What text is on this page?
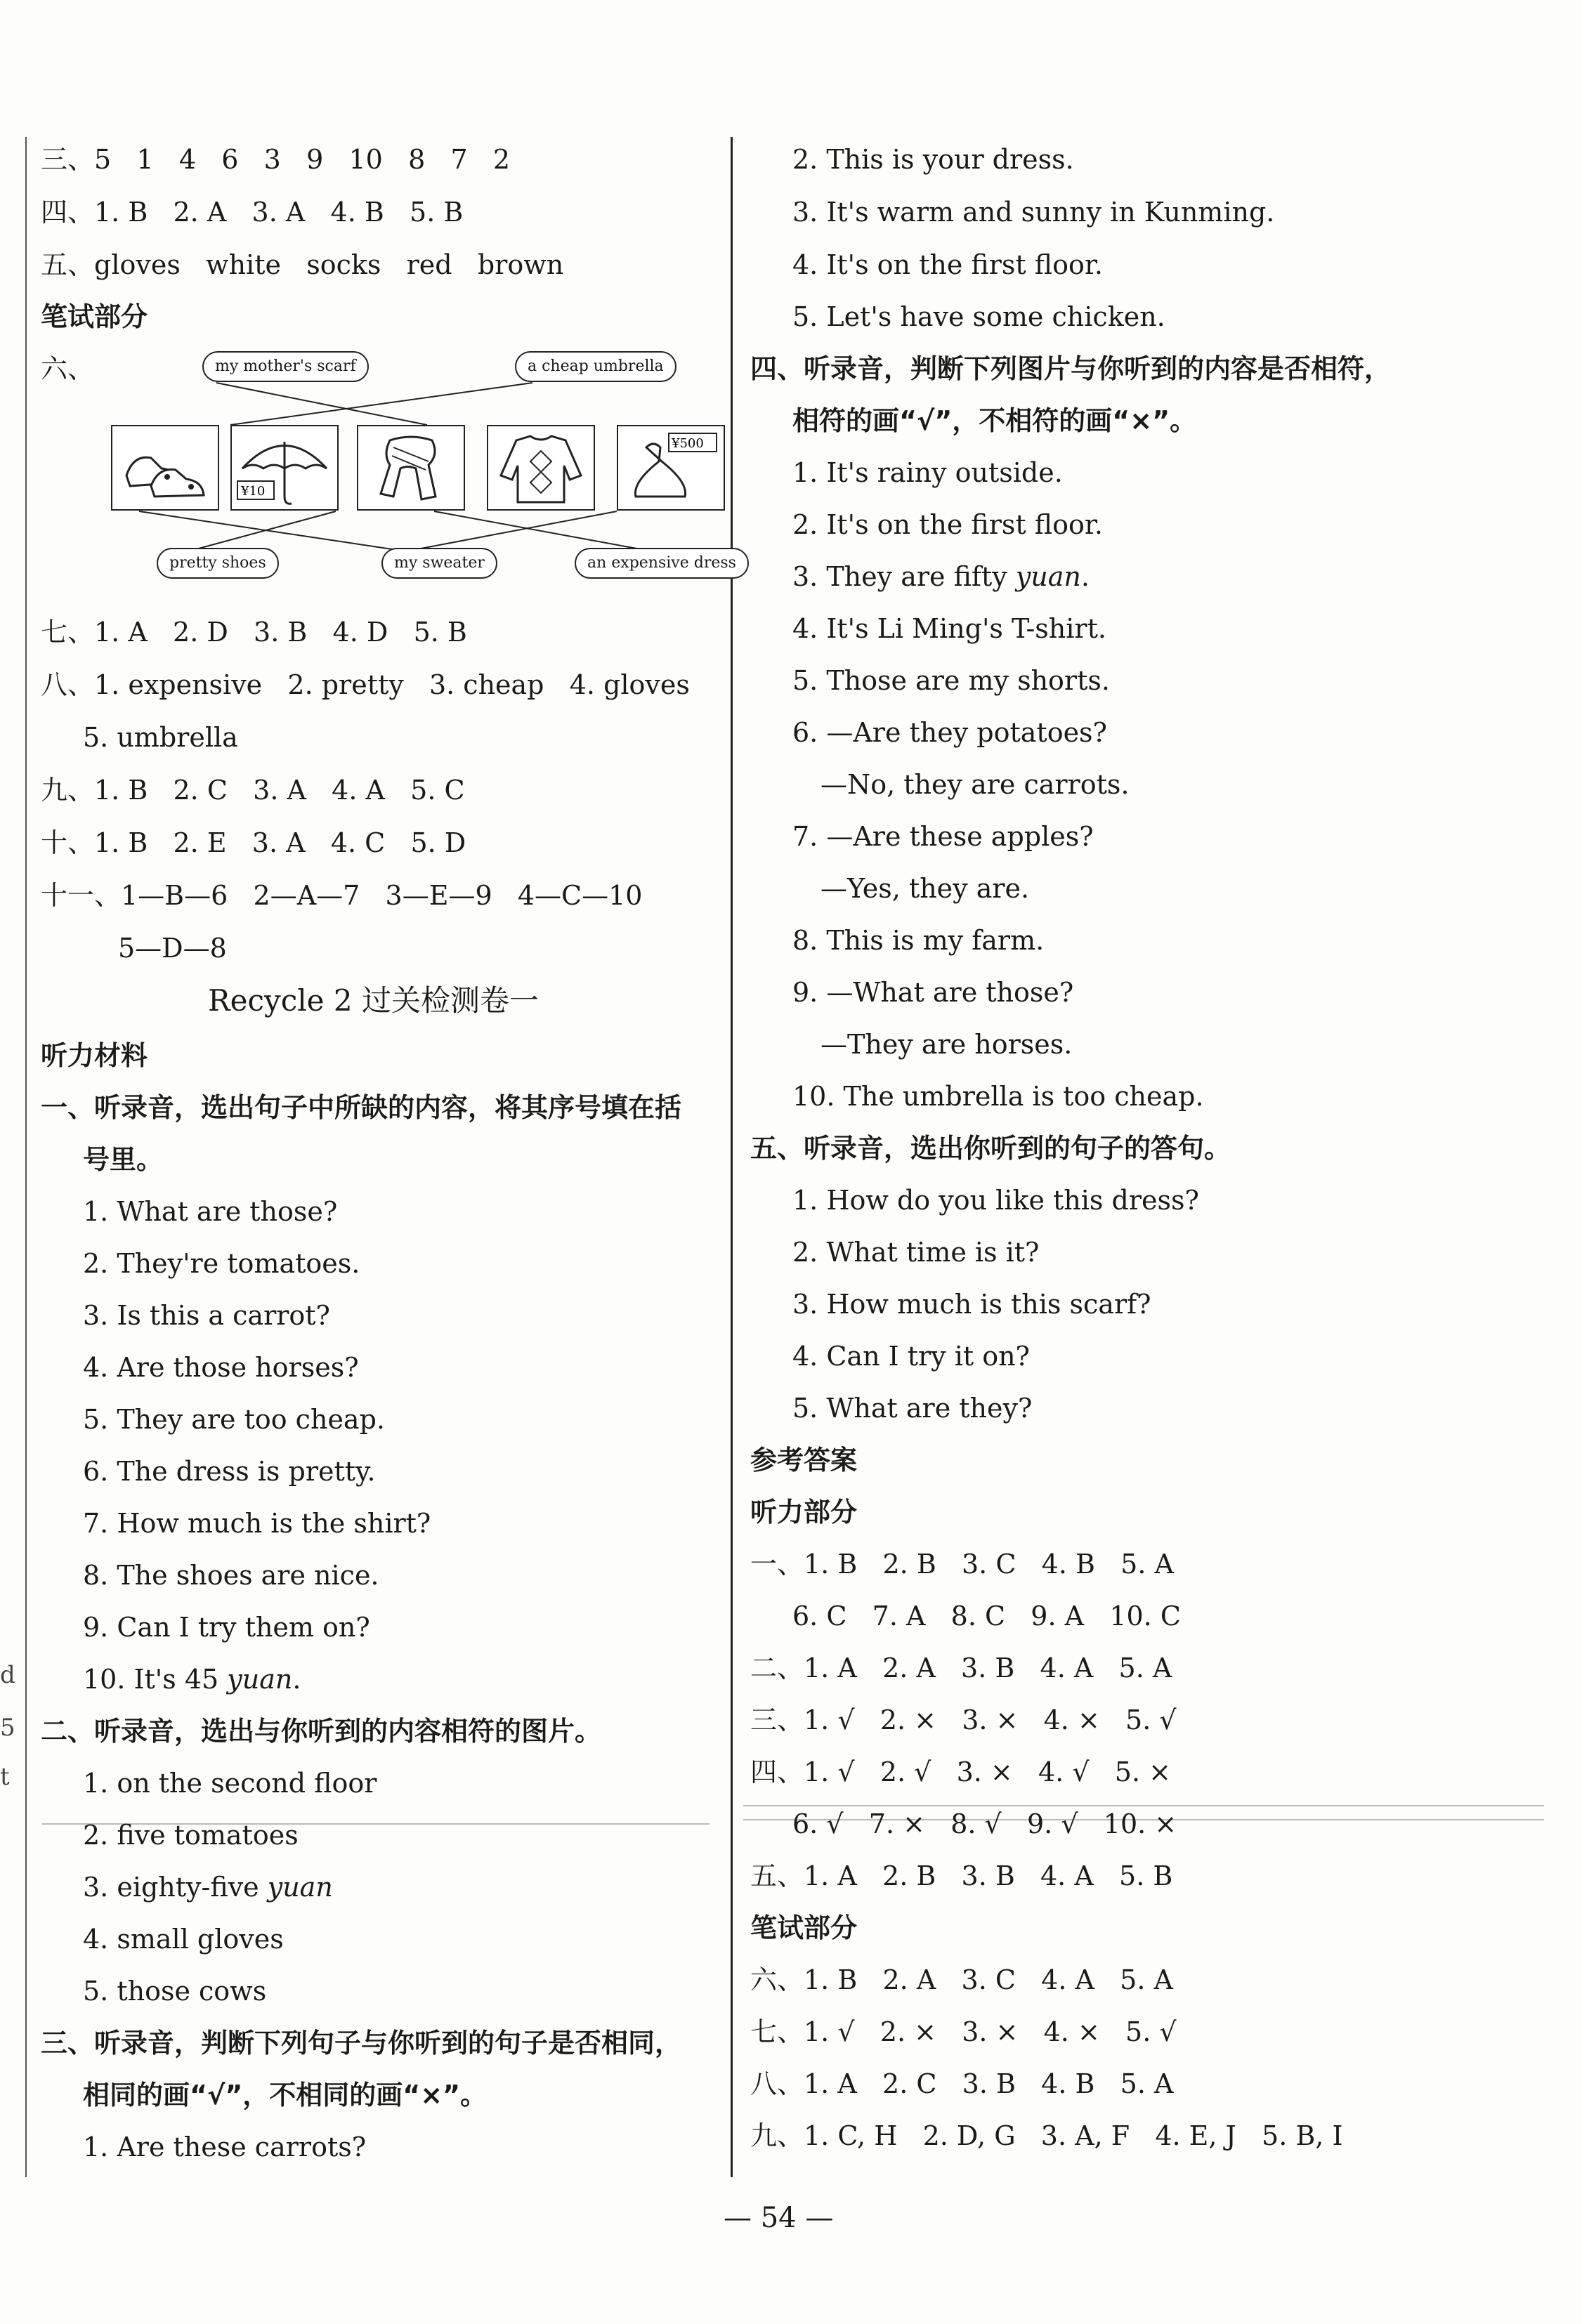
d
5
t
三、5   1   4   6   3   9   10   8   7   2
四、1. B   2. A   3. A   4. B   5. B
五、gloves   white   socks   red   brown
笔试部分
六、	my mother's scarf	a cheap umbrella
¥10
¥500
pretty shoes	my sweater	an expensive dress
七、1. A   2. D   3. B   4. D   5. B
八、1. expensive   2. pretty   3. cheap   4. gloves
5. umbrella
九、1. B   2. C   3. A   4. A   5. C
十、1. B   2. E   3. A   4. C   5. D
十一、1—B—6   2—A—7   3—E—9   4—C—10
5—D—8
Recycle 2 过关检测卷一
听力材料
一、听录音，选出句子中所缺的内容，将其序号填在括
号里。
1. What are those?
2. They're tomatoes.
3. Is this a carrot?
4. Are those horses?
5. They are too cheap.
6. The dress is pretty.
7. How much is the shirt?
8. The shoes are nice.
9. Can I try them on?
10. It's 45 yuan.
二、听录音，选出与你听到的内容相符的图片。
1. on the second floor
2. five tomatoes
3. eighty-five yuan
4. small gloves
5. those cows
三、听录音，判断下列句子与你听到的句子是否相同，
相同的画“√”，不相同的画“×”。
1. Are these carrots?
2. This is your dress.
3. It's warm and sunny in Kunming.
4. It's on the first floor.
5. Let's have some chicken.
四、听录音，判断下列图片与你听到的内容是否相符，
相符的画“√”，不相符的画“×”。
1. It's rainy outside.
2. It's on the first floor.
3. They are fifty yuan.
4. It's Li Ming's T-shirt.
5. Those are my shorts.
6. —Are they potatoes?
—No, they are carrots.
7. —Are these apples?
—Yes, they are.
8. This is my farm.
9. —What are those?
—They are horses.
10. The umbrella is too cheap.
五、听录音，选出你听到的句子的答句。
1. How do you like this dress?
2. What time is it?
3. How much is this scarf?
4. Can I try it on?
5. What are they?
参考答案
听力部分
一、1. B   2. B   3. C   4. B   5. A
6. C   7. A   8. C   9. A   10. C
二、1. A   2. A   3. B   4. A   5. A
三、1. √   2. ×   3. ×   4. ×   5. √
四、1. √   2. √   3. ×   4. √   5. ×
6. √   7. ×   8. √   9. √   10. ×
五、1. A   2. B   3. B   4. A   5. B
笔试部分
六、1. B   2. A   3. C   4. A   5. A
七、1. √   2. ×   3. ×   4. ×   5. √
八、1. A   2. C   3. B   4. B   5. A
九、1. C, H   2. D, G   3. A, F   4. E, J   5. B, I
— 54 —
